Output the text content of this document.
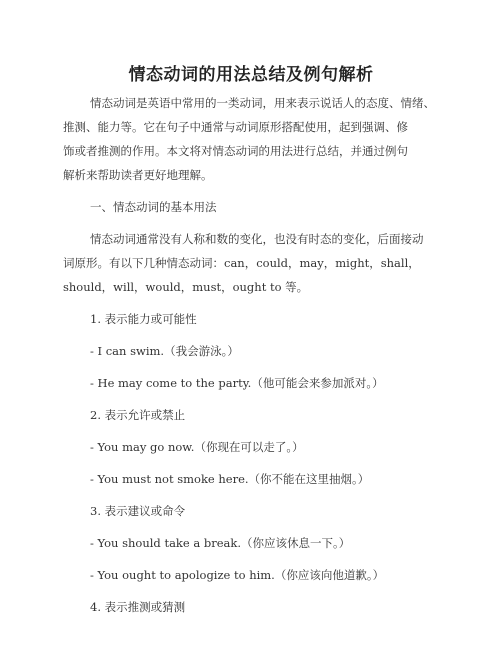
情态动词的用法总结及例句解析
情态动词是英语中常用的一类动词，用来表示说话人的态度、情绪、
推测、能力等。它在句子中通常与动词原形搭配使用，起到强调、修
饰或者推测的作用。本文将对情态动词的用法进行总结，并通过例句
解析来帮助读者更好地理解。
一、情态动词的基本用法
情态动词通常没有人称和数的变化，也没有时态的变化，后面接动
词原形。有以下几种情态动词：can，could，may，might，shall，
should，will，would，must，ought to 等。
1. 表示能力或可能性
- I can swim.（我会游泳。）
- He may come to the party.（他可能会来参加派对。）
2. 表示允许或禁止
- You may go now.（你现在可以走了。）
- You must not smoke here.（你不能在这里抽烟。）
3. 表示建议或命令
- You should take a break.（你应该休息一下。）
- You ought to apologize to him.（你应该向他道歉。）
4. 表示推测或猜测
